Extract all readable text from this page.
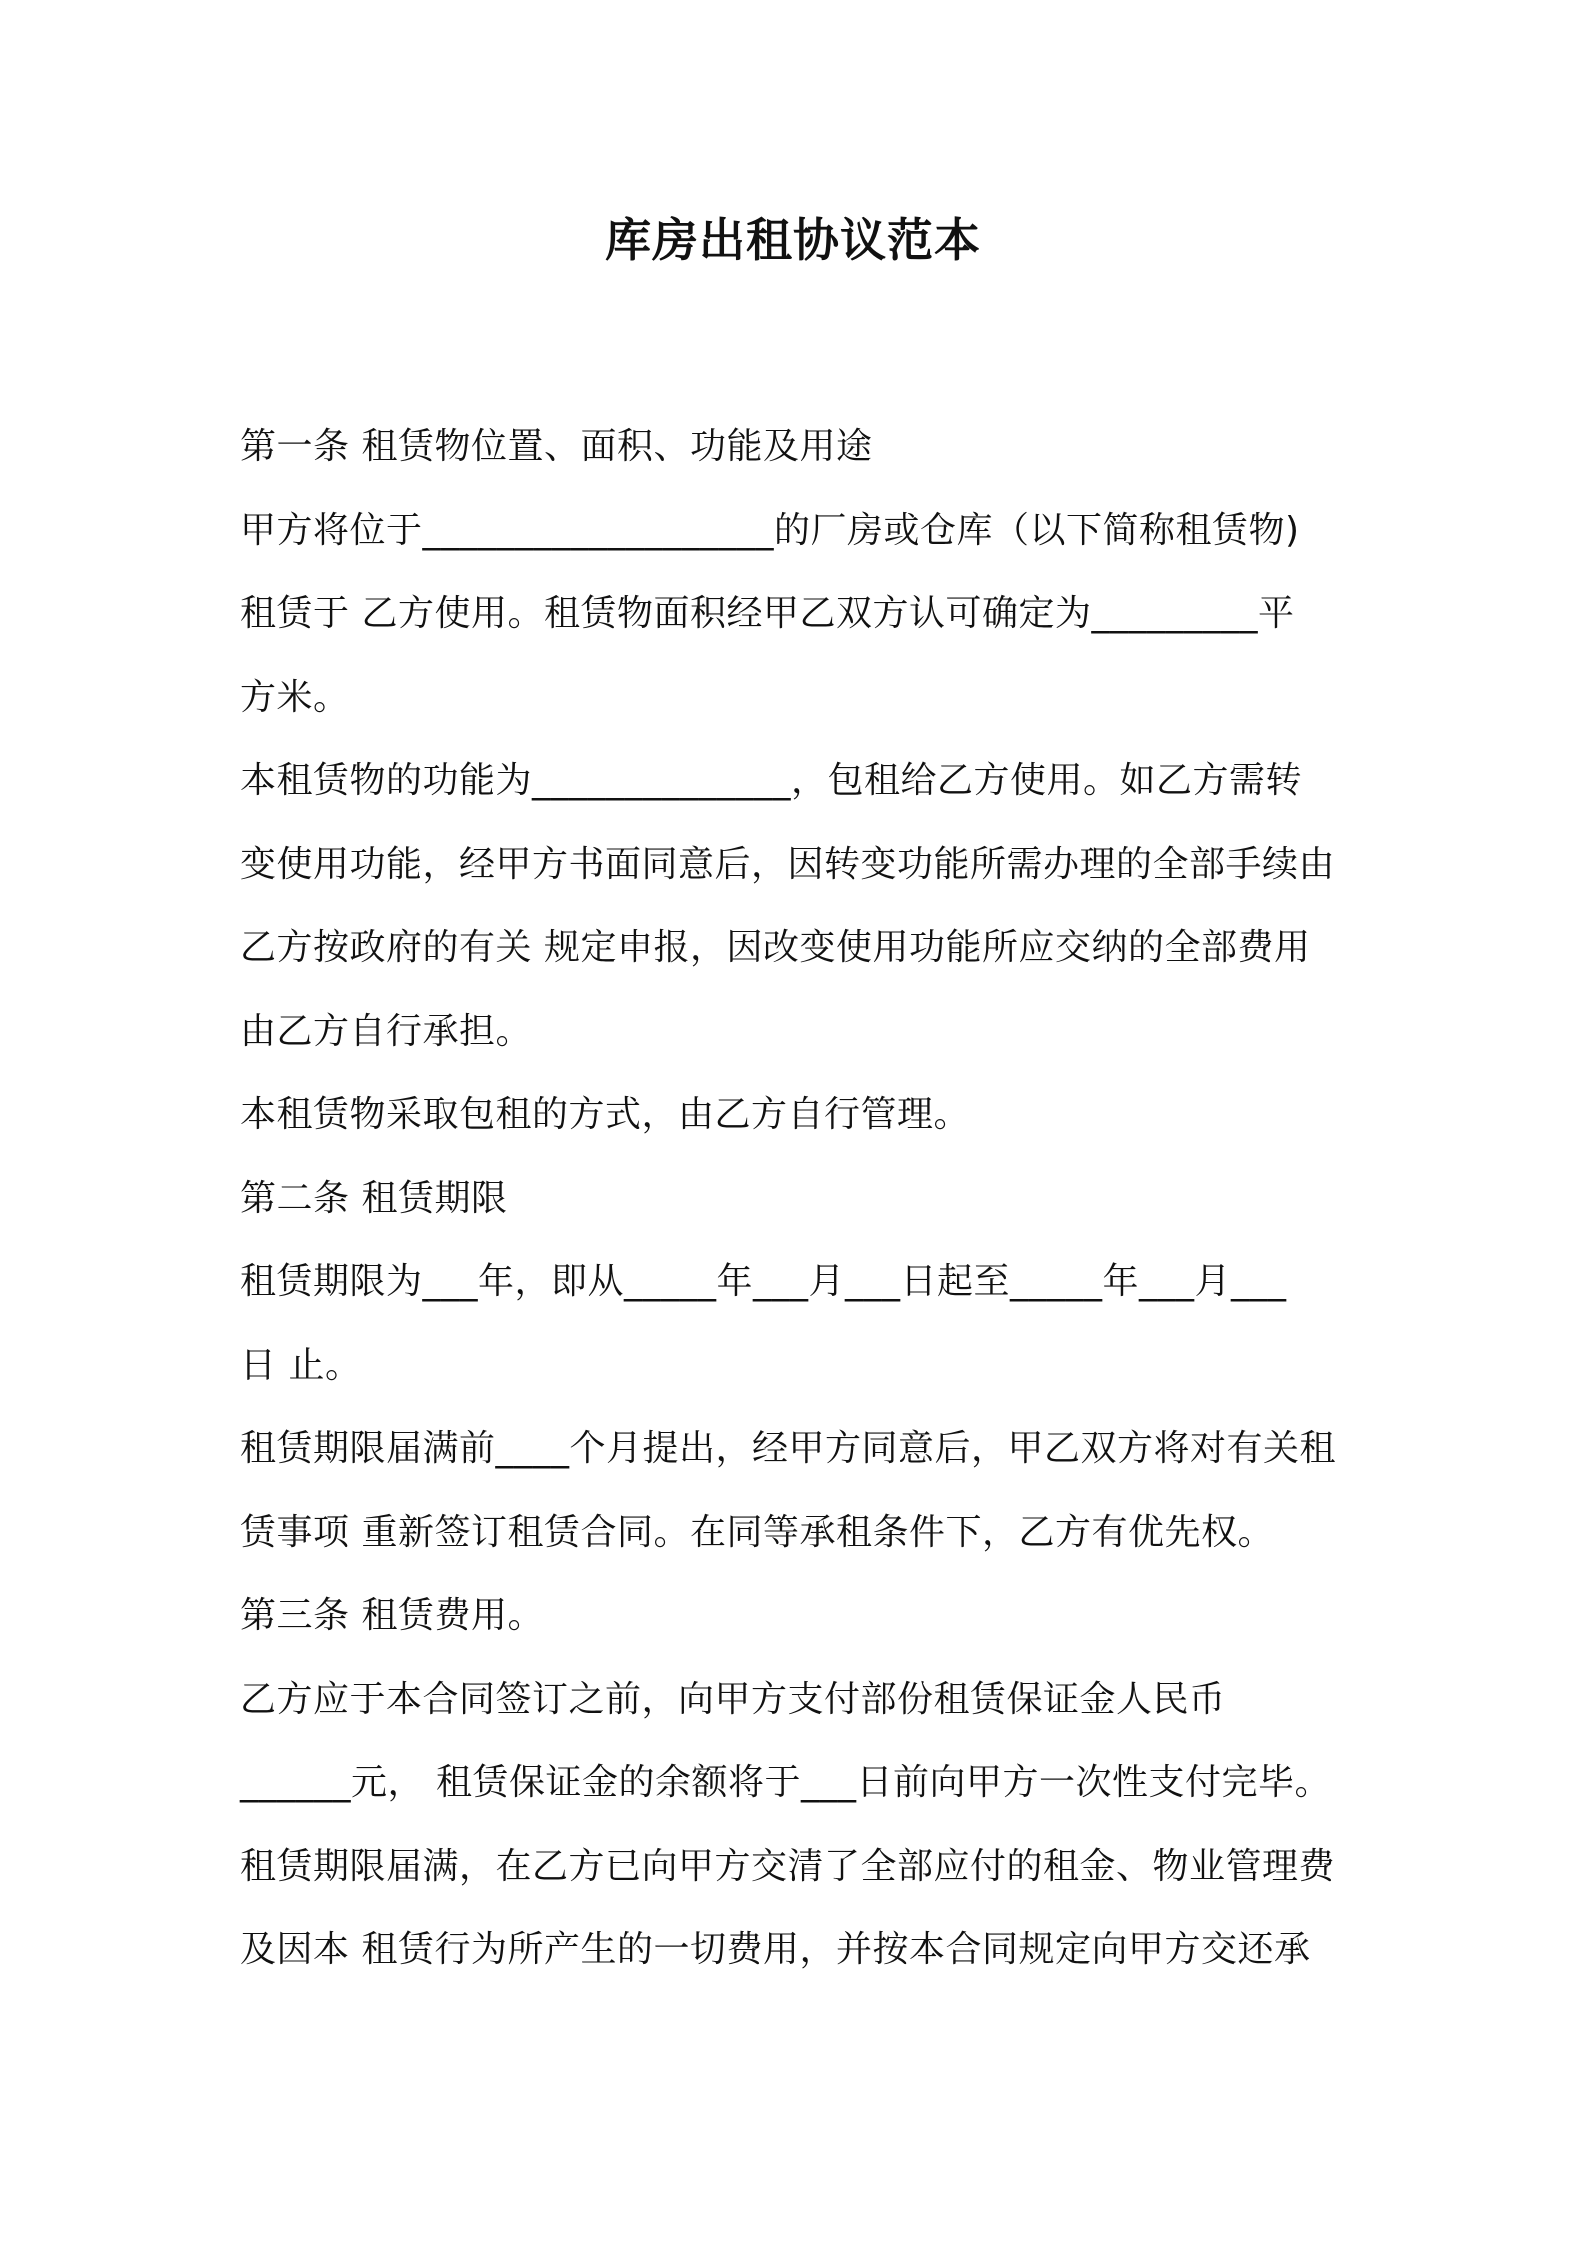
库房出租协议范本
第一条 租赁物位置、面积、功能及用途
甲方将位于___________________的厂房或仓库（以下简称租赁物)
租赁于 乙方使用。租赁物面积经甲乙双方认可确定为_________平
方米。
本租赁物的功能为______________，包租给乙方使用。如乙方需转
变使用功能，经甲方书面同意后，因转变功能所需办理的全部手续由
乙方按政府的有关 规定申报，因改变使用功能所应交纳的全部费用
由乙方自行承担。
本租赁物采取包租的方式，由乙方自行管理。
第二条 租赁期限
租赁期限为___年，即从_____年___月___日起至_____年___月___
日 止。
租赁期限届满前____个月提出，经甲方同意后，甲乙双方将对有关租
赁事项 重新签订租赁合同。在同等承租条件下，乙方有优先权。
第三条 租赁费用。
乙方应于本合同签订之前，向甲方支付部份租赁保证金人民币
______元， 租赁保证金的余额将于___日前向甲方一次性支付完毕。
租赁期限届满，在乙方已向甲方交清了全部应付的租金、物业管理费
及因本 租赁行为所产生的一切费用，并按本合同规定向甲方交还承
